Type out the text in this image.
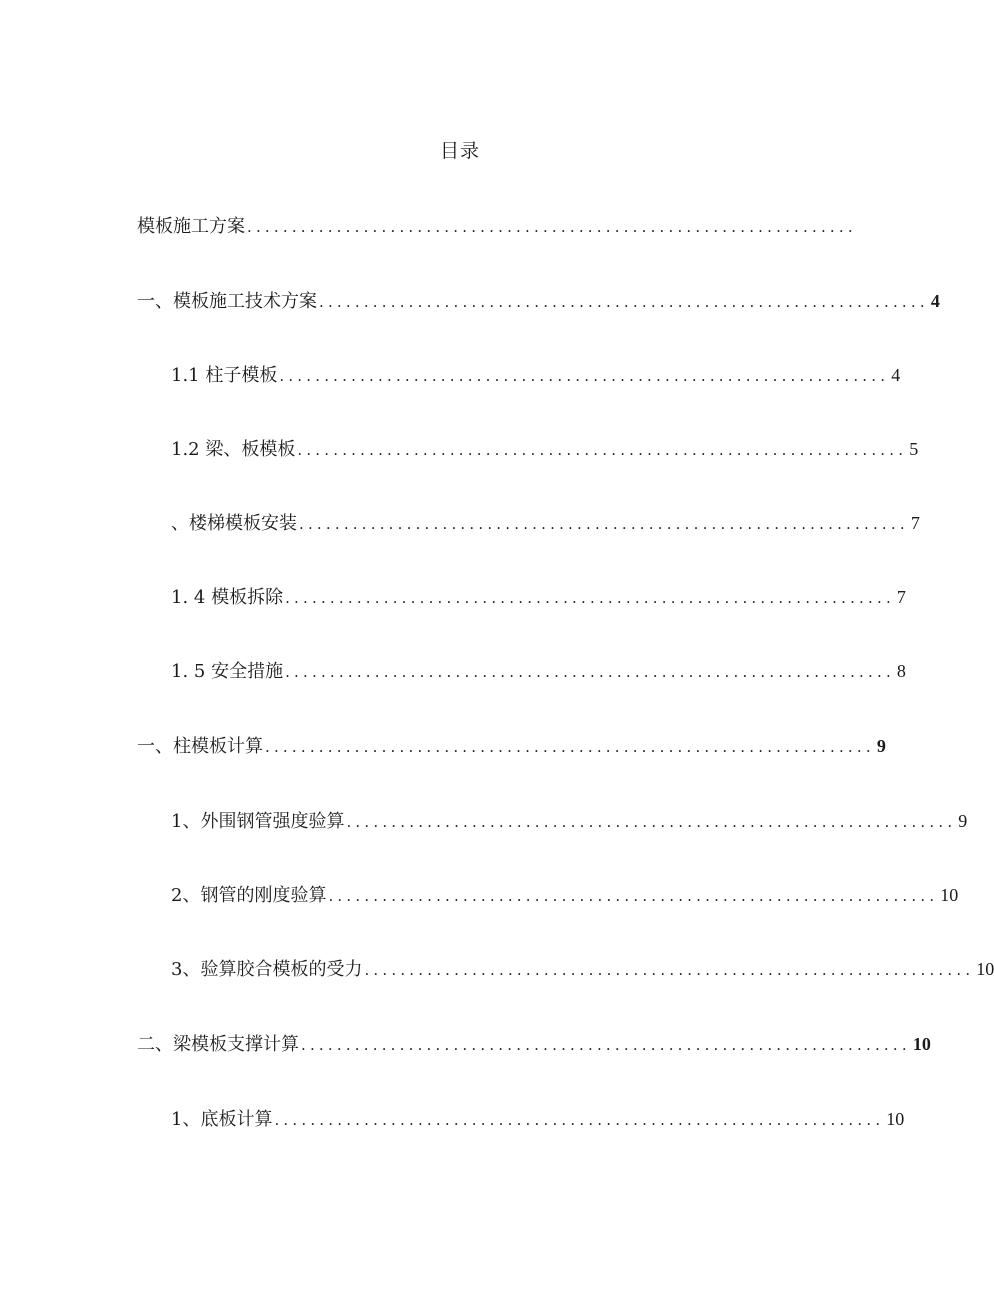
目录
模板施工方案 ....................................................................
一、模板施工技术方案 .................................................................... 4
1.1 柱子模板 .................................................................... 4
1.2 梁、板模板 .................................................................... 5
、楼梯模板安装 .................................................................... 7
1. 4 模板拆除 .................................................................... 7
1. 5 安全措施 .................................................................... 8
一、柱模板计算 .................................................................... 9
1、外围钢管强度验算 .................................................................... 9
2、钢管的刚度验算 .................................................................... 10
3、验算胶合模板的受力 .................................................................... 10
二、梁模板支撑计算 .................................................................... 10
1、底板计算 .................................................................... 10
